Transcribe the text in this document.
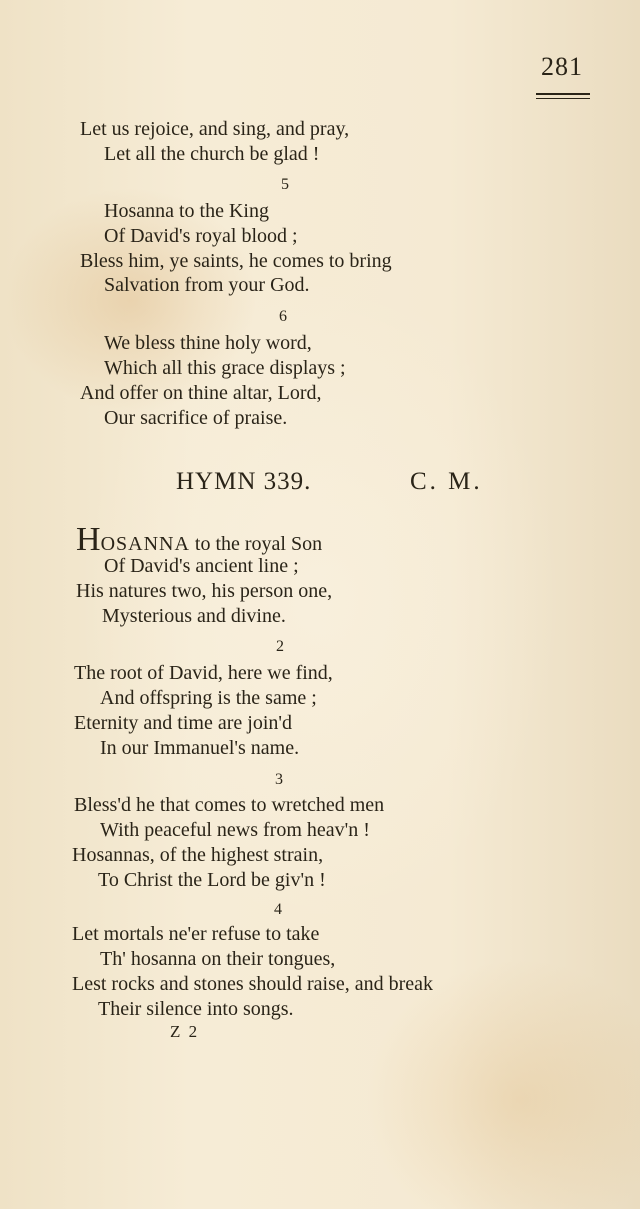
281
Let us rejoice, and sing, and pray,
Let all the church be glad !
5
Hosanna to the King
Of David's royal blood ;
Bless him, ye saints, he comes to bring
Salvation from your God.
6
We bless thine holy word,
Which all this grace displays ;
And offer on thine altar, Lord,
Our sacrifice of praise.
HYMN 339.	C. M.
HOSANNA to the royal Son
Of David's ancient line ;
His natures two, his person one,
Mysterious and divine.
2
The root of David, here we find,
And offspring is the same ;
Eternity and time are join'd
In our Immanuel's name.
3
Bless'd he that comes to wretched men
With peaceful news from heav'n !
Hosannas, of the highest strain,
To Christ the Lord be giv'n !
4
Let mortals ne'er refuse to take
Th' hosanna on their tongues,
Lest rocks and stones should raise, and break
Their silence into songs.
Z 2
